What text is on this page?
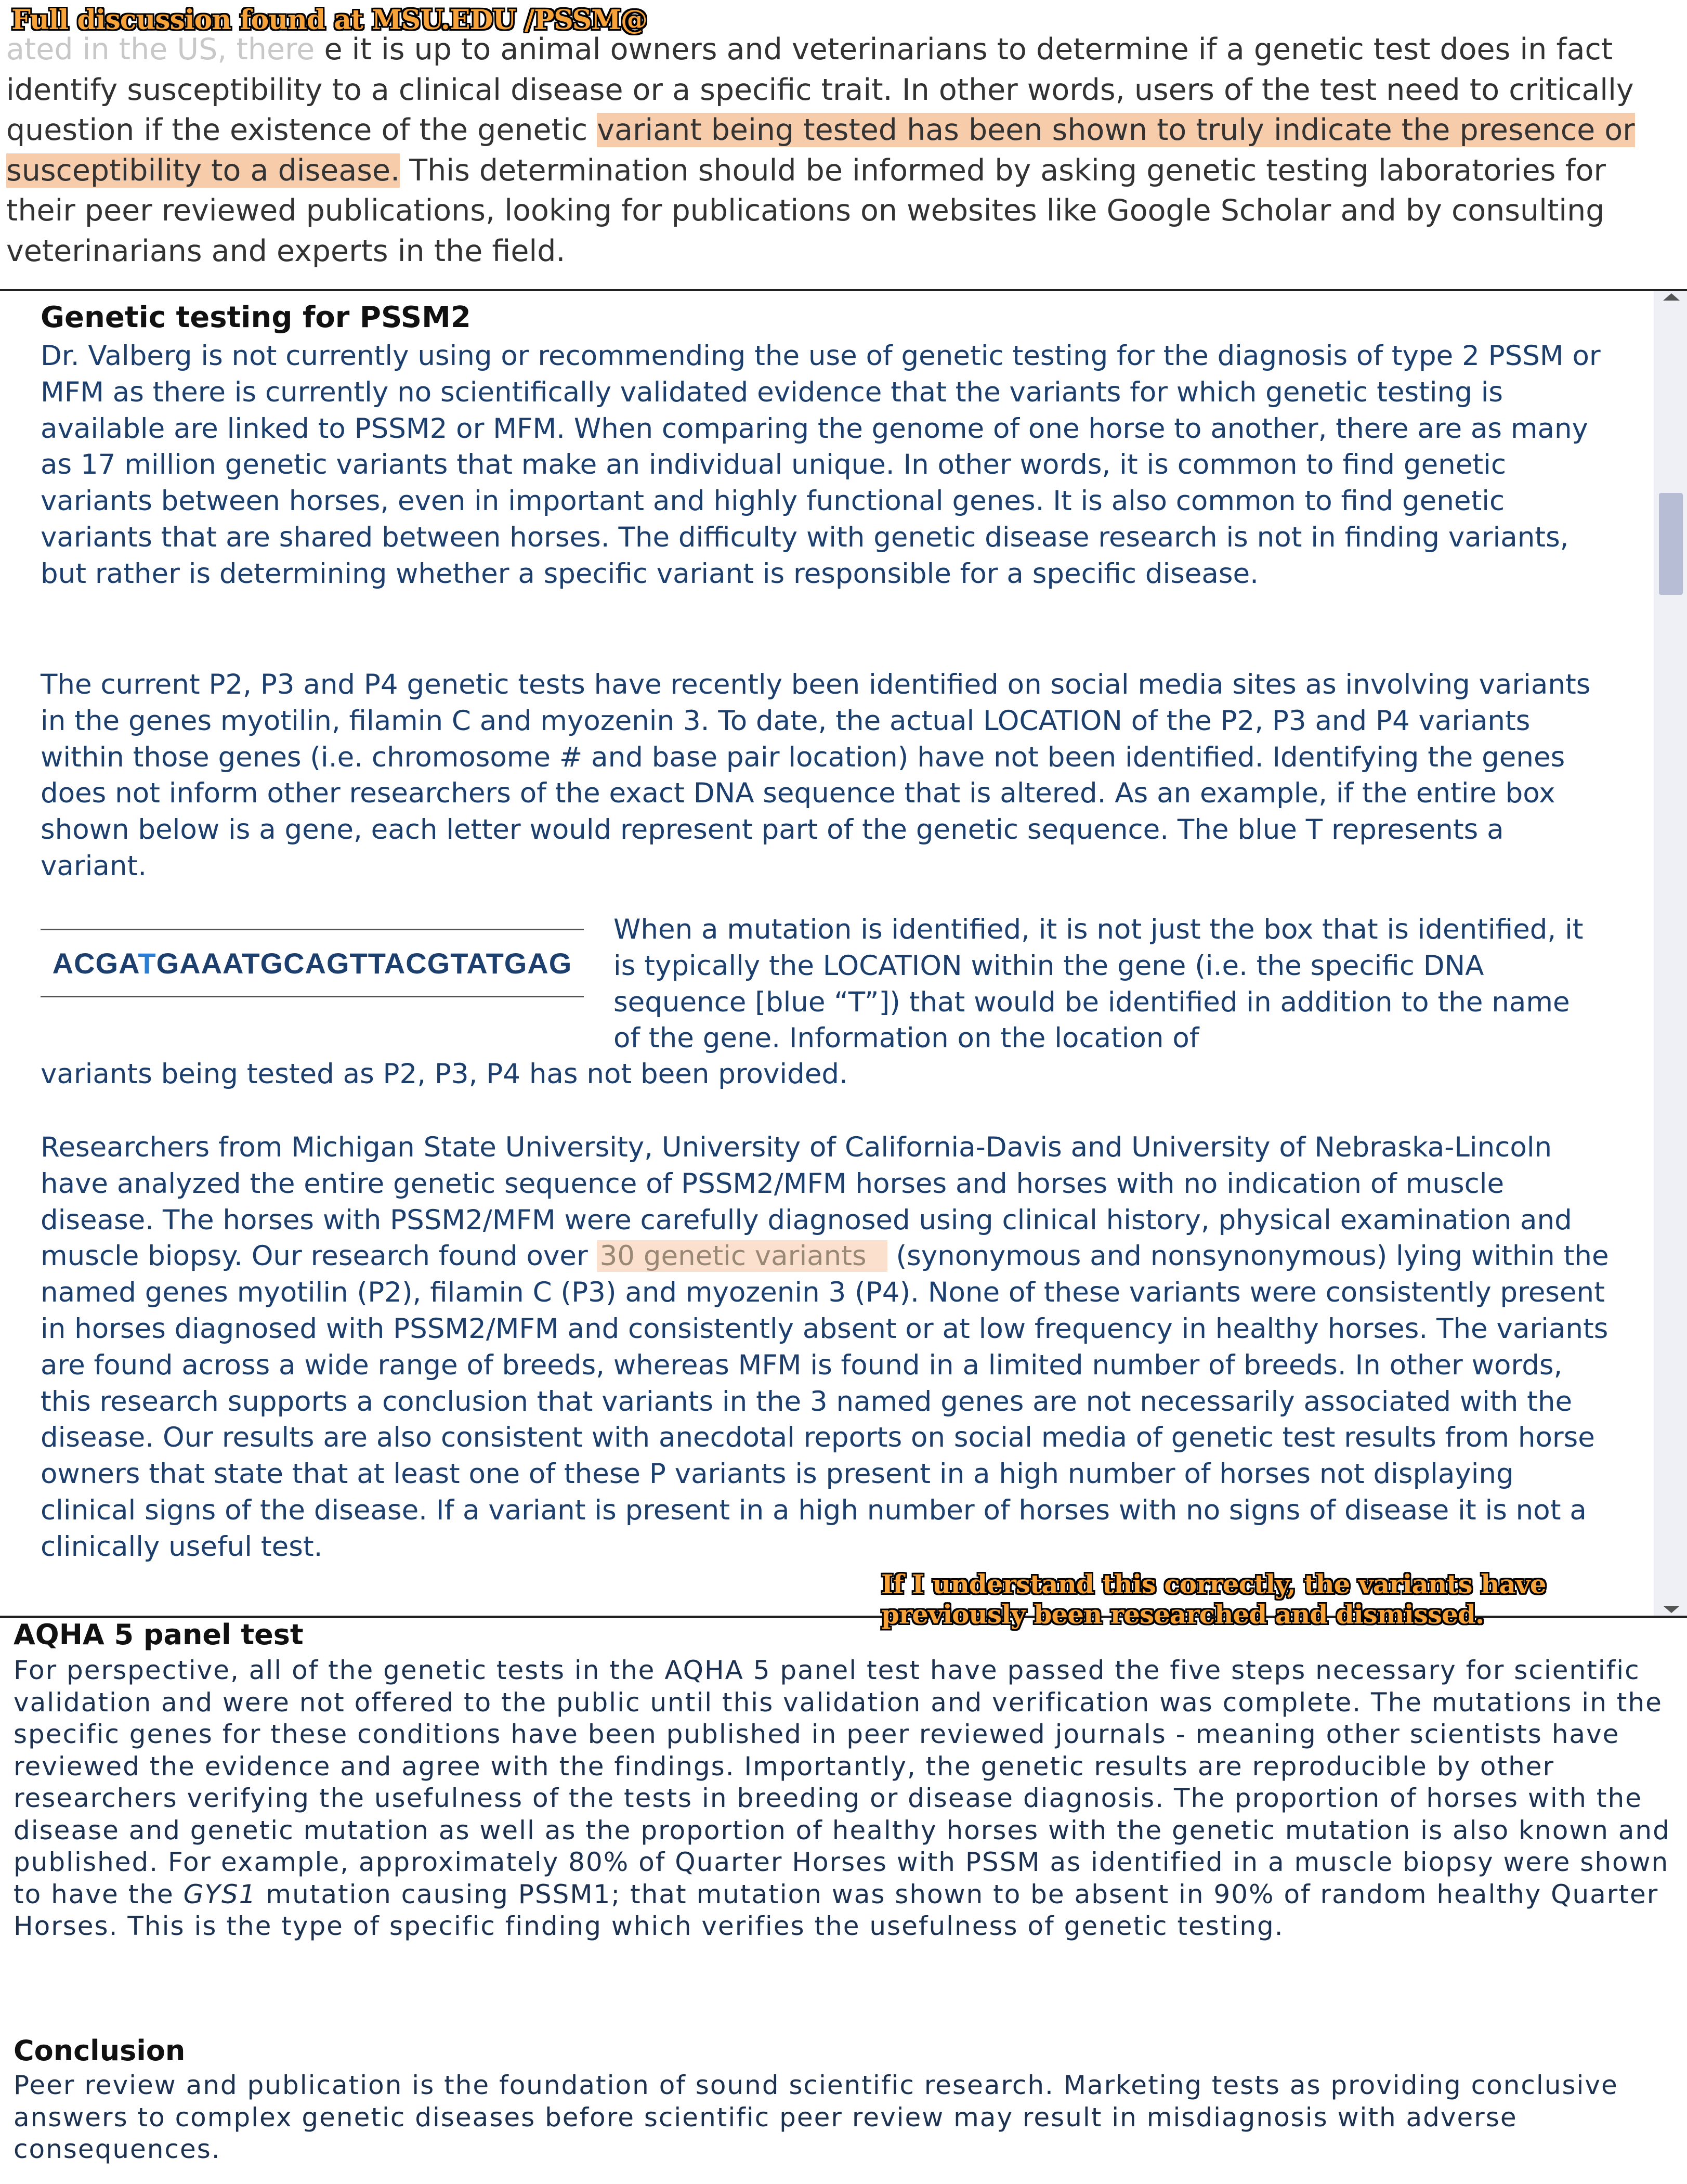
ated in the US, there e it is up to animal owners and veterinarians to determine if a genetic test does in fact identify susceptibility to a clinical disease or a specific trait. In other words, users of the test need to critically question if the existence of the genetic variant being tested has been shown to truly indicate the presence or susceptibility to a disease. This determination should be informed by asking genetic testing laboratories for their peer reviewed publications, looking for publications on websites like Google Scholar and by consulting veterinarians and experts in the field.

Full discussion found at MSU.EDU /PSSM@

Genetic testing for PSSM2

Dr. Valberg is not currently using or recommending the use of genetic testing for the diagnosis of type 2 PSSM or MFM as there is currently no scientifically validated evidence that the variants for which genetic testing is available are linked to PSSM2 or MFM. When comparing the genome of one horse to another, there are as many as 17 million genetic variants that make an individual unique. In other words, it is common to find genetic variants between horses, even in important and highly functional genes. It is also common to find genetic variants that are shared between horses. The difficulty with genetic disease research is not in finding variants, but rather is determining whether a specific variant is responsible for a specific disease.

The current P2, P3 and P4 genetic tests have recently been identified on social media sites as involving variants in the genes myotilin, filamin C and myozenin 3. To date, the actual LOCATION of the P2, P3 and P4 variants within those genes (i.e. chromosome # and base pair location) have not been identified. Identifying the genes does not inform other researchers of the exact DNA sequence that is altered. As an example, if the entire box shown below is a gene, each letter would represent part of the genetic sequence. The blue T represents a variant.

ACGATGAAATGCAGTTACGTATGAG

When a mutation is identified, it is not just the box that is identified, it is typically the LOCATION within the gene (i.e. the specific DNA sequence [blue “T”]) that would be identified in addition to the name of the gene. Information on the location of

variants being tested as P2, P3, P4 has not been provided.

Researchers from Michigan State University, University of California-Davis and University of Nebraska-Lincoln have analyzed the entire genetic sequence of PSSM2/MFM horses and horses with no indication of muscle disease. The horses with PSSM2/MFM were carefully diagnosed using clinical history, physical examination and muscle biopsy. Our research found over 30 genetic variants (synonymous and nonsynonymous) lying within the named genes myotilin (P2), filamin C (P3) and myozenin 3 (P4). None of these variants were consistently present in horses diagnosed with PSSM2/MFM and consistently absent or at low frequency in healthy horses. The variants are found across a wide range of breeds, whereas MFM is found in a limited number of breeds. In other words, this research supports a conclusion that variants in the 3 named genes are not necessarily associated with the disease. Our results are also consistent with anecdotal reports on social media of genetic test results from horse owners that state that at least one of these P variants is present in a high number of horses not displaying clinical signs of the disease. If a variant is present in a high number of horses with no signs of disease it is not a clinically useful test.

AQHA 5 panel test

For perspective, all of the genetic tests in the AQHA 5 panel test have passed the five steps necessary for scientific validation and were not offered to the public until this validation and verification was complete. The mutations in the specific genes for these conditions have been published in peer reviewed journals - meaning other scientists have reviewed the evidence and agree with the findings. Importantly, the genetic results are reproducible by other researchers verifying the usefulness of the tests in breeding or disease diagnosis. The proportion of horses with the disease and genetic mutation as well as the proportion of healthy horses with the genetic mutation is also known and published. For example, approximately 80% of Quarter Horses with PSSM as identified in a muscle biopsy were shown to have the GYS1 mutation causing PSSM1; that mutation was shown to be absent in 90% of random healthy Quarter Horses. This is the type of specific finding which verifies the usefulness of genetic testing.

Conclusion

Peer review and publication is the foundation of sound scientific research. Marketing tests as providing conclusive answers to complex genetic diseases before scientific peer review may result in misdiagnosis with adverse consequences.

If I understand this correctly, the variants have previously been researched and dismissed.
